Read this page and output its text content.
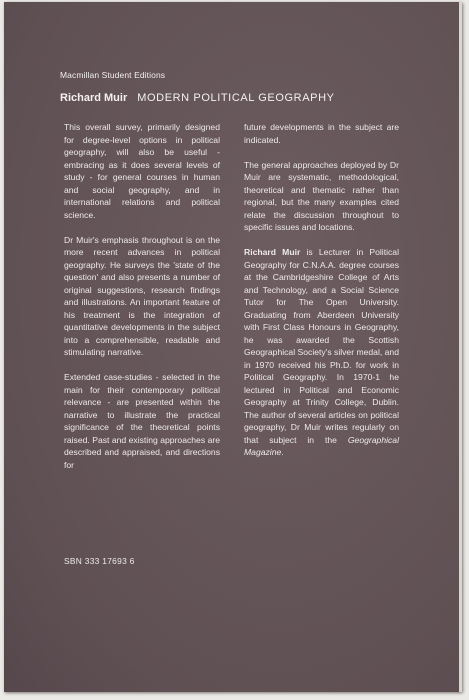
Macmillan Student Editions
Richard Muir MODERN POLITICAL GEOGRAPHY

This overall survey, primarily designed for degree-level options in political geography, will also be useful - embracing as it does several levels of study - for general courses in human and social geography, and in international relations and political science.

Dr Muir's emphasis throughout is on the more recent advances in political geography. He surveys the 'state of the question' and also presents a number of original suggestions, research findings and illustrations. An important feature of his treatment is the integration of quantitative developments in the subject into a comprehensible, readable and stimulating narrative.

Extended case-studies - selected in the main for their contemporary political relevance - are presented within the narrative to illustrate the practical significance of the theoretical points raised. Past and existing approaches are described and appraised, and directions for

future developments in the subject are indicated.

The general approaches deployed by Dr Muir are systematic, methodological, theoretical and thematic rather than regional, but the many examples cited relate the discussion throughout to specific issues and locations.

Richard Muir is Lecturer in Political Geography for C.N.A.A. degree courses at the Cambridgeshire College of Arts and Technology, and a Social Science Tutor for The Open University. Graduating from Aberdeen University with First Class Honours in Geography, he was awarded the Scottish Geographical Society's silver medal, and in 1970 received his Ph.D. for work in Political Geography. In 1970-1 he lectured in Political and Economic Geography at Trinity College, Dublin. The author of several articles on political geography, Dr Muir writes regularly on that subject in the Geographical Magazine.

SBN 333 17693 6
